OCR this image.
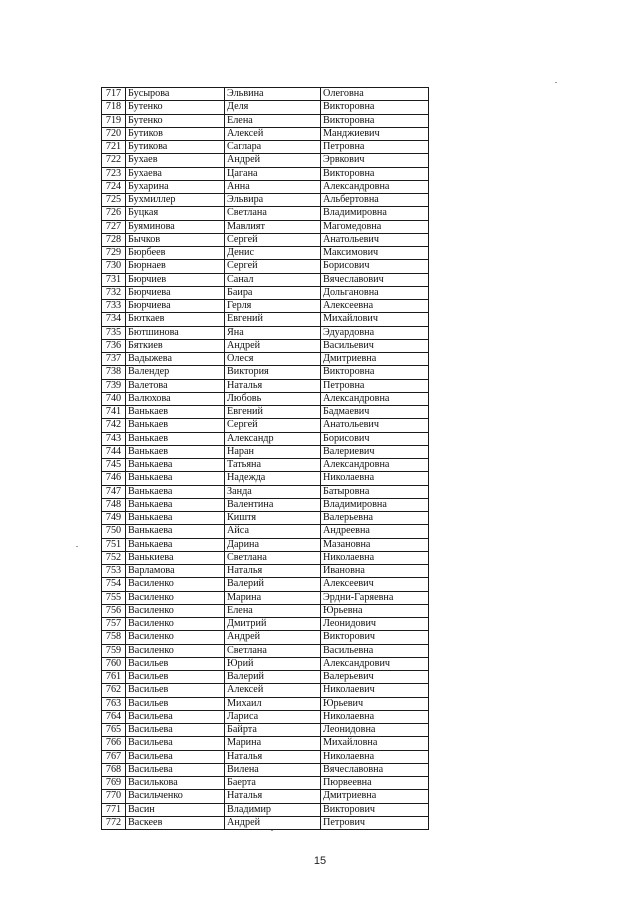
717	Бусырова	Эльвина	Олеговна
718	Бутенко	Деля	Викторовна
719	Бутенко	Елена	Викторовна
720	Бутиков	Алексей	Манджиевич
721	Бутикова	Саглара	Петровна
722	Бухаев	Андрей	Эрвкович
723	Бухаева	Цагана	Викторовна
724	Бухарина	Анна	Александровна
725	Бухмиллер	Эльвира	Альбертовна
726	Буцкая	Светлана	Владимировна
727	Буяминова	Мавлият	Магомедовна
728	Бычков	Сергей	Анатольевич
729	Бюрбеев	Денис	Максимович
730	Бюрнаев	Сергей	Борисович
731	Бюрчиев	Санал	Вячеславович
732	Бюрчиева	Баира	Дольгановна
733	Бюрчиева	Герля	Алексеевна
734	Бюткаев	Евгений	Михайлович
735	Бютшинова	Яна	Эдуардовна
736	Бяткиев	Андрей	Васильевич
737	Вадыжева	Олеся	Дмитриевна
738	Валендер	Виктория	Викторовна
739	Валетова	Наталья	Петровна
740	Валюхова	Любовь	Александровна
741	Ванькаев	Евгений	Бадмаевич
742	Ванькаев	Сергей	Анатольевич
743	Ванькаев	Александр	Борисович
744	Ванькаев	Наран	Валериевич
745	Ванькаева	Татьяна	Александровна
746	Ванькаева	Надежда	Николаевна
747	Ванькаева	Занда	Батыровна
748	Ванькаева	Валентина	Владимировна
749	Ванькаева	Киштя	Валерьевна
750	Ванькаева	Айса	Андреевна
751	Ванькаева	Дарина	Мазановна
752	Ванькиева	Светлана	Николаевна
753	Варламова	Наталья	Ивановна
754	Василенко	Валерий	Алексеевич
755	Василенко	Марина	Эрдни-Гаряевна
756	Василенко	Елена	Юрьевна
757	Василенко	Дмитрий	Леонидович
758	Василенко	Андрей	Викторович
759	Василенко	Светлана	Васильевна
760	Васильев	Юрий	Александрович
761	Васильев	Валерий	Валерьевич
762	Васильев	Алексей	Николаевич
763	Васильев	Михаил	Юрьевич
764	Васильева	Лариса	Николаевна
765	Васильева	Байрта	Леонидовна
766	Васильева	Марина	Михайловна
767	Васильева	Наталья	Николаевна
768	Васильева	Вилена	Вячеславовна
769	Василькова	Баерта	Пюрвеевна
770	Васильченко	Наталья	Дмитриевна
771	Васин	Владимир	Викторович
772	Васкеев	Андрей	Петрович
15
